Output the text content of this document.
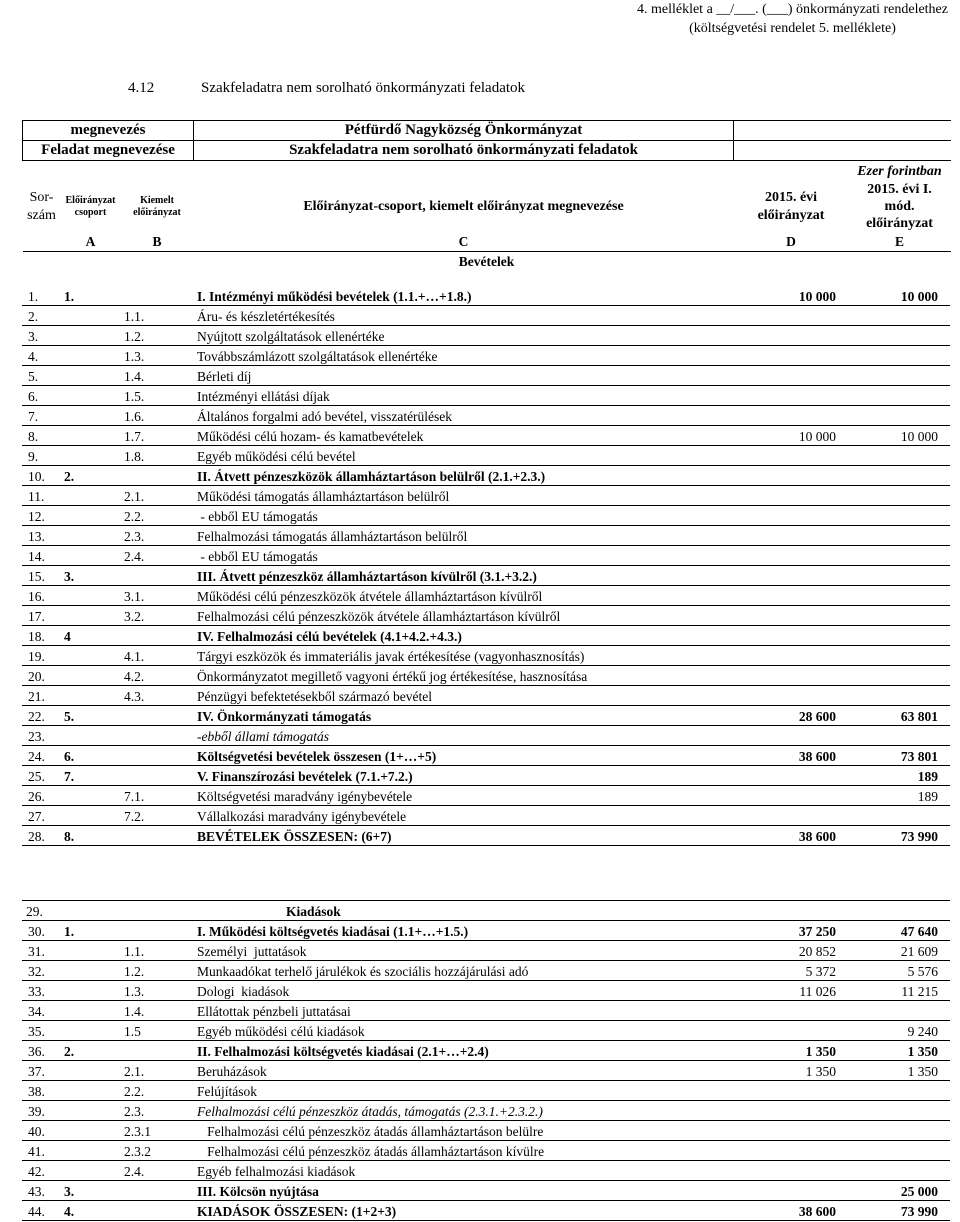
4. melléklet a __/___. (___) önkormányzati rendelethez
(költségvetési rendelet 5. melléklete)
4.12	Szakfeladatra nem sorolható önkormányzati feladatok
megnevezés			Pétfürdő Nagyközség Önkormányzat		
Feladat megnevezése			Szakfeladatra nem sorolható önkormányzati feladatok		
					Ezer forintban
Sor-
szám	Előirányzat csoport	Kiemelt előirányzat	Előirányzat-csoport, kiemelt előirányzat megnevezése	2015. évi előirányzat	2015. évi I. mód. előirányzat
	A	B	C	D	E
Bevételek					
1.	1.		I. Intézményi működési bevételek (1.1.+…+1.8.)	10 000	10 000
2.		1.1.	Áru- és készletértékesítés		
3.		1.2.	Nyújtott szolgáltatások ellenértéke		
4.		1.3.	Továbbszámlázott szolgáltatások ellenértéke		
5.		1.4.	Bérleti díj		
6.		1.5.	Intézményi ellátási díjak		
7.		1.6.	Általános forgalmi adó bevétel, visszatérülések		
8.		1.7.	Működési célú hozam- és kamatbevételek	10 000	10 000
9.		1.8.	Egyéb működési célú bevétel		
10.	2.		II. Átvett pénzeszközök államháztartáson belülről (2.1.+2.3.)		
11.		2.1.	Működési támogatás államháztartáson belülről		
12.		2.2.	- ebből EU támogatás		
13.		2.3.	Felhalmozási támogatás államháztartáson belülről		
14.		2.4.	- ebből EU támogatás		
15.	3.		III. Átvett pénzeszköz államháztartáson kívülről (3.1.+3.2.)		
16.		3.1.	Működési célú pénzeszközök átvétele államháztartáson kívülről		
17.		3.2.	Felhalmozási célú pénzeszközök átvétele államháztartáson kívülről		
18.	4		IV. Felhalmozási célú bevételek (4.1+4.2.+4.3.)		
19.		4.1.	Tárgyi eszközök és immateriális javak értékesítése (vagyonhasznosítás)		
20.		4.2.	Önkormányzatot megillető vagyoni értékű jog értékesítése, hasznosítása		
21.		4.3.	Pénzügyi befektetésekből származó bevétel		
22.	5.		IV. Önkormányzati támogatás	28 600	63 801
23.			-ebből állami támogatás		
24.	6.		Költségvetési bevételek összesen (1+…+5)	38 600	73 801
25.	7.		V. Finanszírozási bevételek (7.1.+7.2.)		189
26.		7.1.	Költségvetési maradvány igénybevétele		189
27.		7.2.	Vállalkozási maradvány igénybevétele		
28.	8.		BEVÉTELEK ÖSSZESEN: (6+7)	38 600	73 990
29.	Kiadások				
30.	1.		I. Működési költségvetés kiadásai (1.1+…+1.5.)	37 250	47 640
31.		1.1.	Személyi  juttatások	20 852	21 609
32.		1.2.	Munkaadókat terhelő járulékok és szociális hozzájárulási adó	5 372	5 576
33.		1.3.	Dologi  kiadások	11 026	11 215
34.		1.4.	Ellátottak pénzbeli juttatásai		
35.		1.5	Egyéb működési célú kiadások		9 240
36.	2.		II. Felhalmozási költségvetés kiadásai (2.1+…+2.4)	1 350	1 350
37.		2.1.	Beruházások	1 350	1 350
38.		2.2.	Felújítások		
39.		2.3.	Felhalmozási célú pénzeszköz átadás, támogatás (2.3.1.+2.3.2.)		
40.		2.3.1	Felhalmozási célú pénzeszköz átadás államháztartáson belülre		
41.		2.3.2	Felhalmozási célú pénzeszköz átadás államháztartáson kívülre		
42.		2.4.	Egyéb felhalmozási kiadások		
43.	3.		III. Kölcsön nyújtása		25 000
44.	4.		KIADÁSOK ÖSSZESEN: (1+2+3)	38 600	73 990
